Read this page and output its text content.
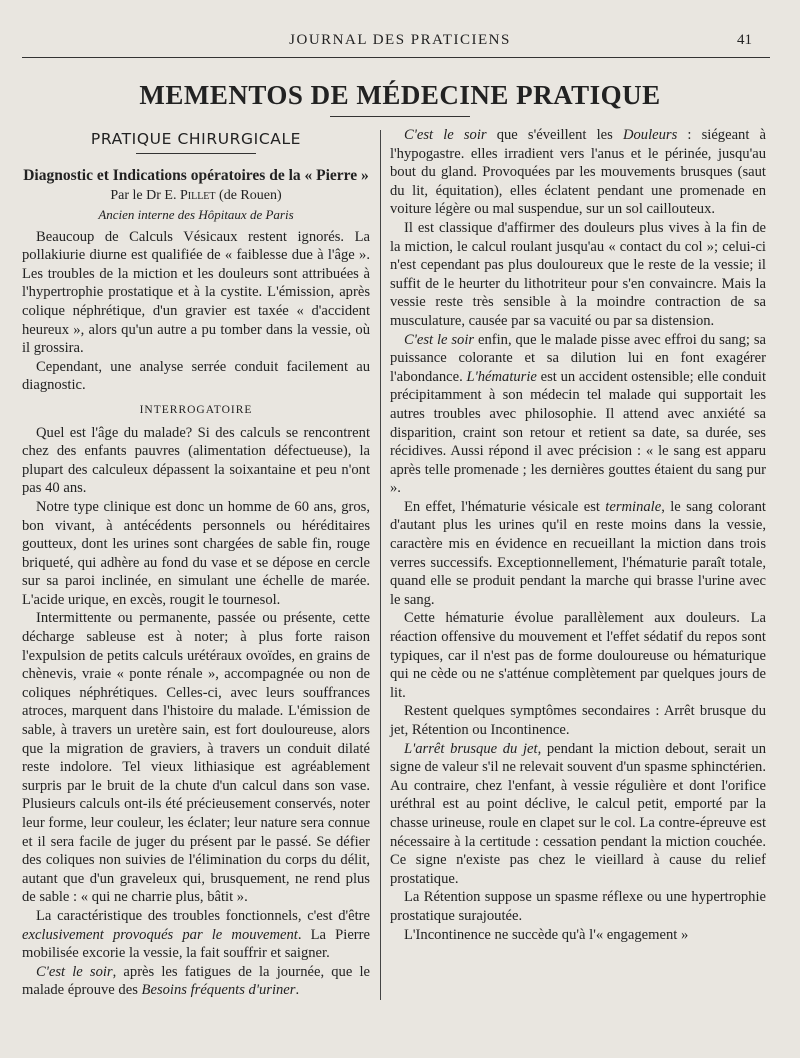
JOURNAL DES PRATICIENS	41
MEMENTOS DE MÉDECINE PRATIQUE
PRATIQUE CHIRURGICALE
Diagnostic et Indications opératoires de la « Pierre »
Par le Dr E. Pillet (de Rouen)
Ancien interne des Hôpitaux de Paris

Beaucoup de Calculs Vésicaux restent ignorés. La pollakiurie diurne est qualifiée de « faiblesse due à l'âge ». Les troubles de la miction et les douleurs sont attribuées à l'hypertrophie prostatique et à la cystite. L'émission, après colique néphrétique, d'un gravier est taxée « d'accident heureux », alors qu'un autre a pu tomber dans la vessie, où il grossira.

Cependant, une analyse serrée conduit facilement au diagnostic.

INTERROGATOIRE

Quel est l'âge du malade? Si des calculs se rencontrent chez des enfants pauvres (alimentation défectueuse), la plupart des calculeux dépassent la soixantaine et peu n'ont pas 40 ans.

Notre type clinique est donc un homme de 60 ans, gros, bon vivant, à antécédents personnels ou héréditaires goutteux, dont les urines sont chargées de sable fin, rouge briqueté, qui adhère au fond du vase et se dépose en cercle sur sa paroi inclinée, en simulant une échelle de marée. L'acide urique, en excès, rougit le tournesol.

Intermittente ou permanente, passée ou présente, cette décharge sableuse est à noter; à plus forte raison l'expulsion de petits calculs urétéraux ovoïdes, en grains de chènevis, vraie « ponte rénale », accompagnée ou non de coliques néphrétiques. Celles-ci, avec leurs souffrances atroces, marquent dans l'histoire du malade. L'émission de sable, à travers un uretère sain, est fort douloureuse, alors que la migration de graviers, à travers un conduit dilaté reste indolore. Tel vieux lithiasique est agréablement surpris par le bruit de la chute d'un calcul dans son vase. Plusieurs calculs ont-ils été précieusement conservés, noter leur forme, leur couleur, les éclater; leur nature sera connue et il sera facile de juger du présent par le passé. Se défier des coliques non suivies de l'élimination du corps du délit, autant que d'un graveleux qui, brusquement, ne rend plus de sable : « qui ne charrie plus, bâtit ».

La caractéristique des troubles fonctionnels, c'est d'être exclusivement provoqués par le mouvement. La Pierre mobilisée excorie la vessie, la fait souffrir et saigner.

C'est le soir, après les fatigues de la journée, que le malade éprouve des Besoins fréquents d'uriner.

C'est le soir que s'éveillent les Douleurs : siégeant à l'hypogastre. elles irradient vers l'anus et le périnée, jusqu'au bout du gland. Provoquées par les mouvements brusques (saut du lit, équitation), elles éclatent pendant une promenade en voiture légère ou mal suspendue, sur un sol caillouteux.

Il est classique d'affirmer des douleurs plus vives à la fin de la miction, le calcul roulant jusqu'au « contact du col »; celui-ci n'est cependant pas plus douloureux que le reste de la vessie; il suffit de le heurter du lithotriteur pour s'en convaincre. Mais la vessie reste très sensible à la moindre contraction de sa musculature, causée par sa vacuité ou par sa distension.

C'est le soir enfin, que le malade pisse avec effroi du sang; sa puissance colorante et sa dilution lui en font exagérer l'abondance. L'hématurie est un accident ostensible; elle conduit précipitamment à son médecin tel malade qui supportait les autres troubles avec philosophie. Il attend avec anxiété sa disparition, craint son retour et retient sa date, sa durée, ses récidives. Aussi répond il avec précision : « le sang est apparu après telle promenade ; les dernières gouttes étaient du sang pur ».

En effet, l'hématurie vésicale est terminale, le sang colorant d'autant plus les urines qu'il en reste moins dans la vessie, caractère mis en évidence en recueillant la miction dans trois verres successifs. Exceptionnellement, l'hématurie paraît totale, quand elle se produit pendant la marche qui brasse l'urine avec le sang.

Cette hématurie évolue parallèlement aux douleurs. La réaction offensive du mouvement et l'effet sédatif du repos sont typiques, car il n'est pas de forme douloureuse ou hématurique qui ne cède ou ne s'atténue complètement par quelques jours de lit.

Restent quelques symptômes secondaires : Arrêt brusque du jet, Rétention ou Incontinence.

L'arrêt brusque du jet, pendant la miction debout, serait un signe de valeur s'il ne relevait souvent d'un spasme sphinctérien. Au contraire, chez l'enfant, à vessie régulière et dont l'orifice uréthral est au point déclive, le calcul petit, emporté par la chasse urineuse, roule en clapet sur le col. La contre-épreuve est nécessaire à la certitude : cessation pendant la miction couchée. Ce signe n'existe pas chez le vieillard à cause du relief prostatique.

La Rétention suppose un spasme réflexe ou une hypertrophie prostatique surajoutée.

L'Incontinence ne succède qu'à l'« engagement »
